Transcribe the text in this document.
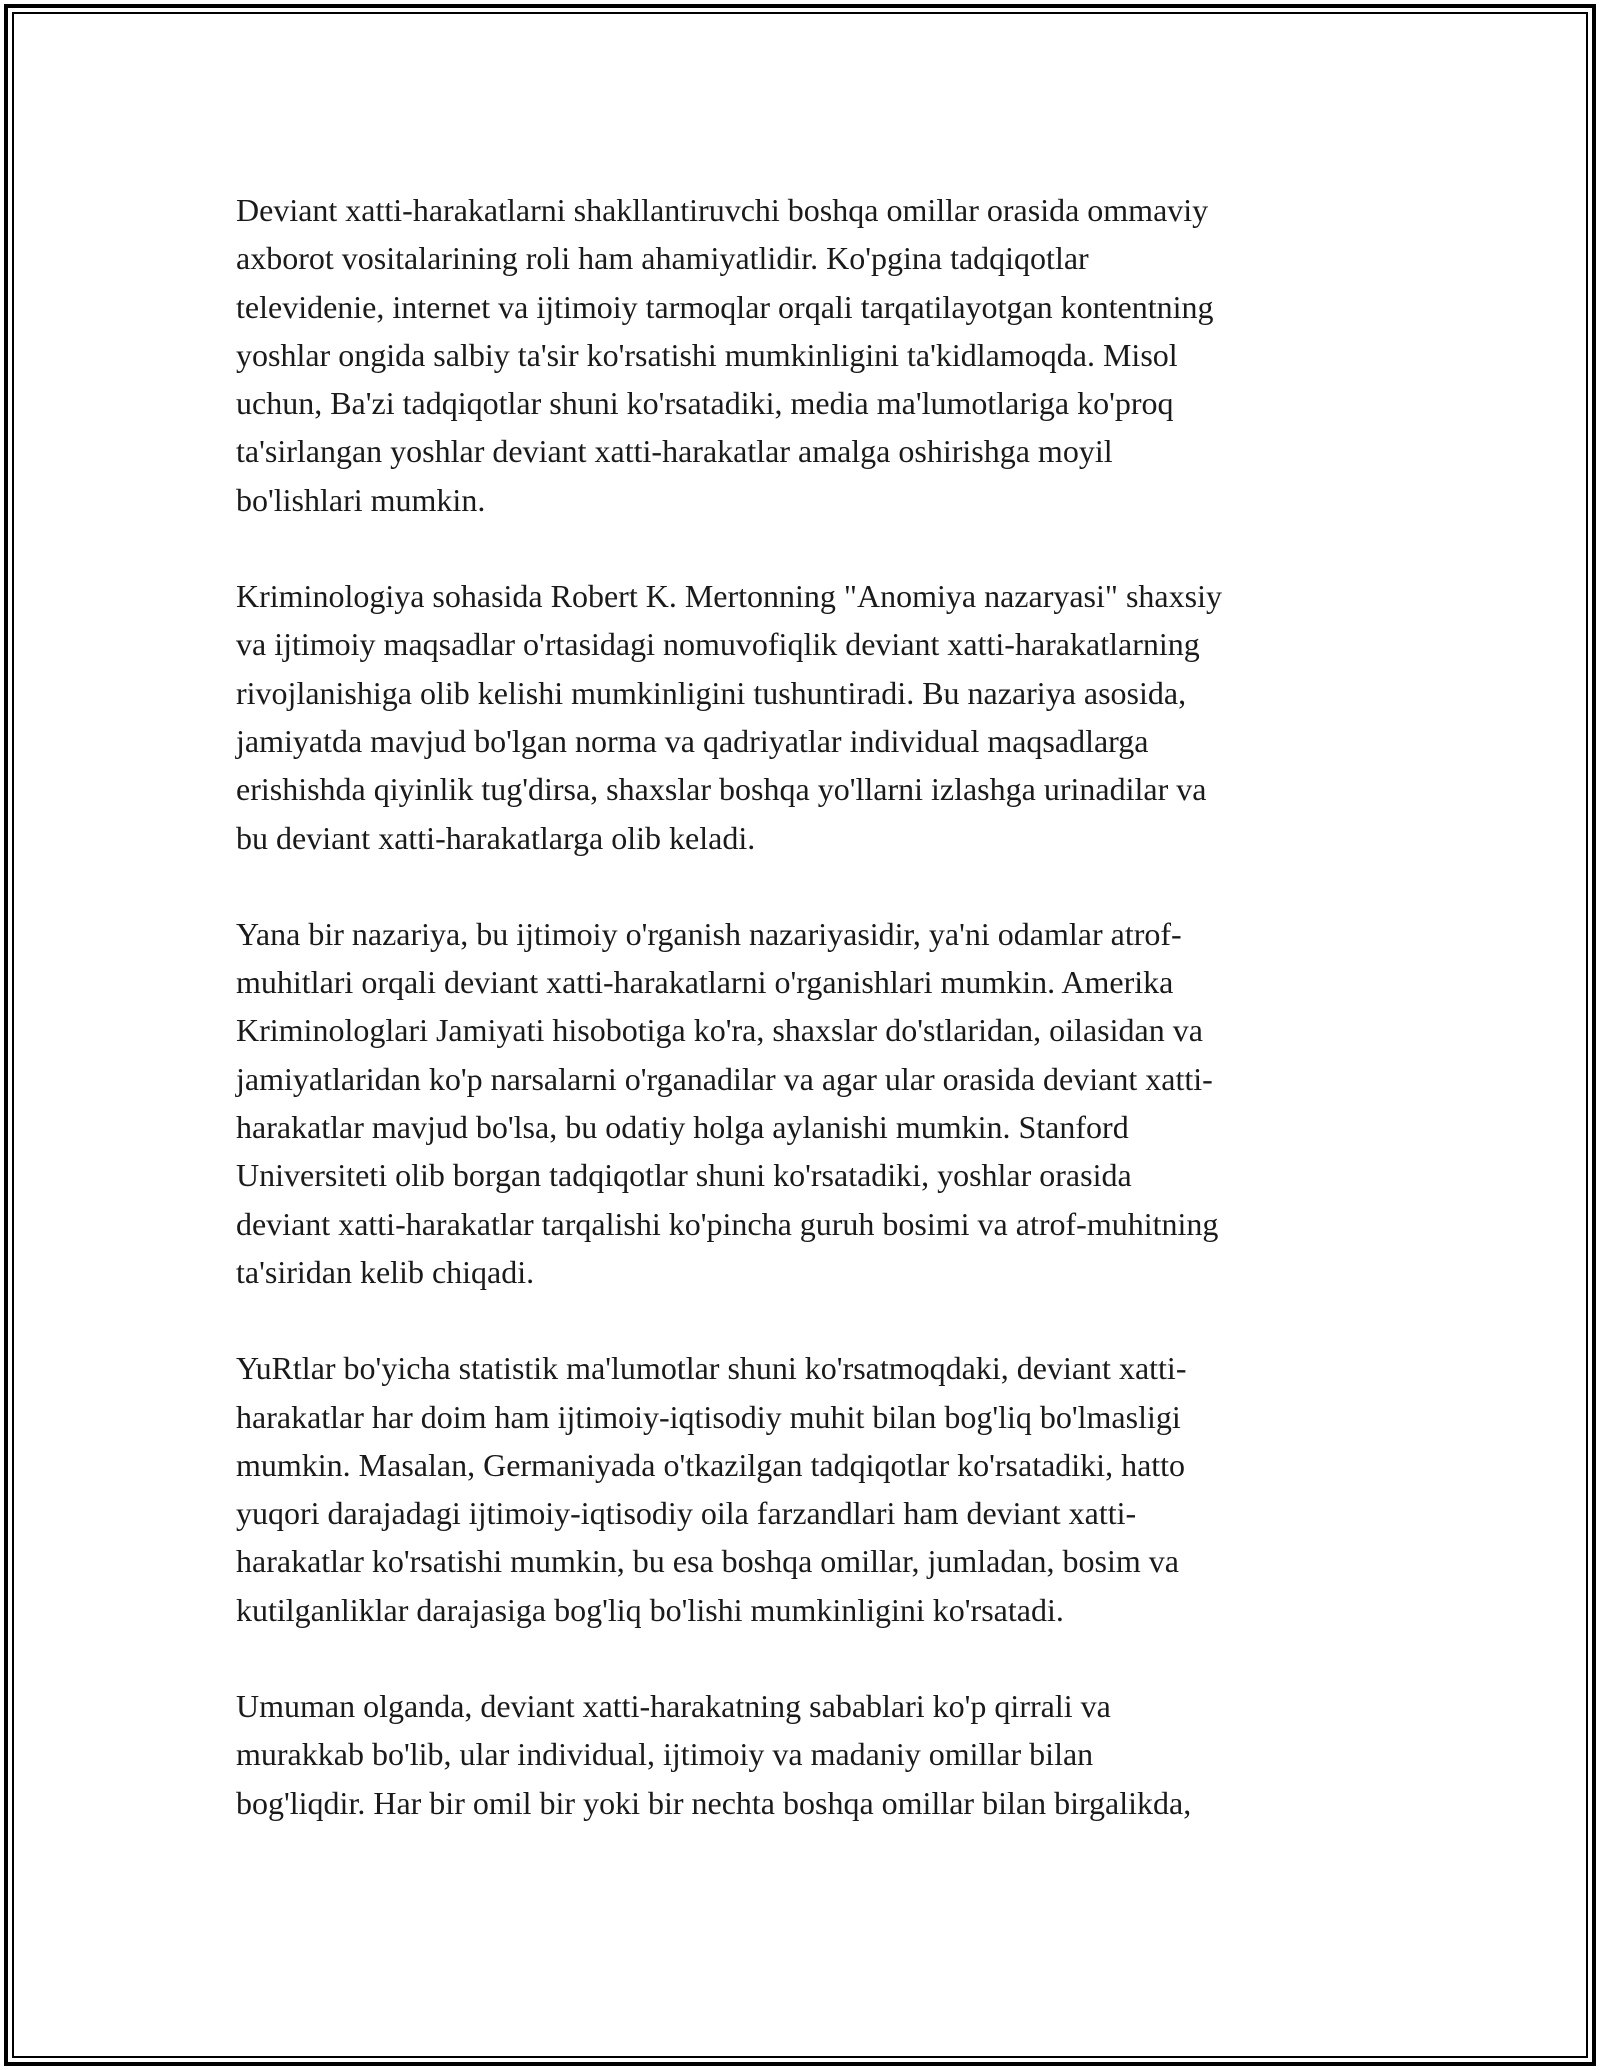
Deviant xatti-harakatlarni shakllantiruvchi boshqa omillar orasida ommaviy
axborot vositalarining roli ham ahamiyatlidir. Ko'pgina tadqiqotlar
televidenie, internet va ijtimoiy tarmoqlar orqali tarqatilayotgan kontentning
yoshlar ongida salbiy ta'sir ko'rsatishi mumkinligini ta'kidlamoqda. Misol
uchun, Ba'zi tadqiqotlar shuni ko'rsatadiki, media ma'lumotlariga ko'proq
ta'sirlangan yoshlar deviant xatti-harakatlar amalga oshirishga moyil
bo'lishlari mumkin.

Kriminologiya sohasida Robert K. Mertonning "Anomiya nazaryasi" shaxsiy
va ijtimoiy maqsadlar o'rtasidagi nomuvofiqlik deviant xatti-harakatlarning
rivojlanishiga olib kelishi mumkinligini tushuntiradi. Bu nazariya asosida,
jamiyatda mavjud bo'lgan norma va qadriyatlar individual maqsadlarga
erishishda qiyinlik tug'dirsa, shaxslar boshqa yo'llarni izlashga urinadilar va
bu deviant xatti-harakatlarga olib keladi.

Yana bir nazariya, bu ijtimoiy o'rganish nazariyasidir, ya'ni odamlar atrof-
muhitlari orqali deviant xatti-harakatlarni o'rganishlari mumkin. Amerika
Kriminologlari Jamiyati hisobotiga ko'ra, shaxslar do'stlaridan, oilasidan va
jamiyatlaridan ko'p narsalarni o'rganadilar va agar ular orasida deviant xatti-
harakatlar mavjud bo'lsa, bu odatiy holga aylanishi mumkin. Stanford
Universiteti olib borgan tadqiqotlar shuni ko'rsatadiki, yoshlar orasida
deviant xatti-harakatlar tarqalishi ko'pincha guruh bosimi va atrof-muhitning
ta'siridan kelib chiqadi.

YuRtlar bo'yicha statistik ma'lumotlar shuni ko'rsatmoqdaki, deviant xatti-
harakatlar har doim ham ijtimoiy-iqtisodiy muhit bilan bog'liq bo'lmasligi
mumkin. Masalan, Germaniyada o'tkazilgan tadqiqotlar ko'rsatadiki, hatto
yuqori darajadagi ijtimoiy-iqtisodiy oila farzandlari ham deviant xatti-
harakatlar ko'rsatishi mumkin, bu esa boshqa omillar, jumladan, bosim va
kutilganliklar darajasiga bog'liq bo'lishi mumkinligini ko'rsatadi.

Umuman olganda, deviant xatti-harakatning sabablari ko'p qirrali va
murakkab bo'lib, ular individual, ijtimoiy va madaniy omillar bilan
bog'liqdir. Har bir omil bir yoki bir nechta boshqa omillar bilan birgalikda,
